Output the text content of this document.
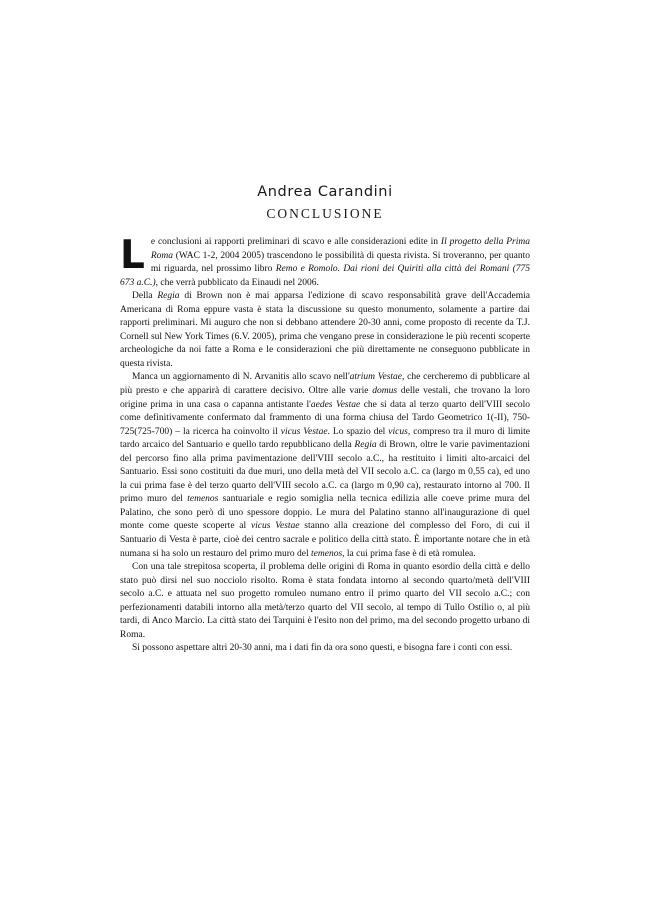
Andrea Carandini
CONCLUSIONE

Le conclusioni ai rapporti preliminari di scavo e alle considerazioni edite in Il progetto della Prima Roma (WAC 1-2, 2004 2005) trascendono le possibilità di questa rivista. Si troveranno, per quanto mi riguarda, nel prossimo libro Remo e Romolo. Dai rioni dei Quiriti alla città dei Romani (775 673 a.C.), che verrà pubblicato da Einaudi nel 2006.

Della Regia di Brown non è mai apparsa l'edizione di scavo responsabilità grave dell'Accademia Americana di Roma eppure vasta è stata la discussione su questo monumento, solamente a partire dai rapporti preliminari. Mi auguro che non si debbano attendere 20-30 anni, come proposto di recente da T.J. Cornell sul New York Times (6.V. 2005), prima che vengano prese in considerazione le più recenti scoperte archeologiche da noi fatte a Roma e le considerazioni che più direttamente ne conseguono pubblicate in questa rivista.

Manca un aggiornamento di N. Arvanitis allo scavo nell'atrium Vestae, che cercheremo di pubblicare al più presto e che apparirà di carattere decisivo. Oltre alle varie domus delle vestali, che trovano la loro origine prima in una casa o capanna antistante l'aedes Vestae che si data al terzo quarto dell'VIII secolo come definitivamente confermato dal frammento di una forma chiusa del Tardo Geometrico 1(-II), 750-725(725-700) – la ricerca ha coinvolto il vicus Vestae. Lo spazio del vicus, compreso tra il muro di limite tardo arcaico del Santuario e quello tardo repubblicano della Regia di Brown, oltre le varie pavimentazioni del percorso fino alla prima pavimentazione dell'VIII secolo a.C., ha restituito i limiti alto-arcaici del Santuario. Essi sono costituiti da due muri, uno della metà del VII secolo a.C. ca (largo m 0,55 ca), ed uno la cui prima fase è del terzo quarto dell'VIII secolo a.C. ca (largo m 0,90 ca), restaurato intorno al 700. Il primo muro del temenos santuariale e regio somiglia nella tecnica edilizia alle coeve prime mura del Palatino, che sono però di uno spessore doppio. Le mura del Palatino stanno all'inaugurazione di quel monte come queste scoperte al vicus Vestae stanno alla creazione del complesso del Foro, di cui il Santuario di Vesta è parte, cioè dei centro sacrale e politico della città stato. È importante notare che in età numana si ha solo un restauro del primo muro del temenos, la cui prima fase è di età romulea.

Con una tale strepitosa scoperta, il problema delle origini di Roma in quanto esordio della città e dello stato può dirsi nel suo nocciolo risolto. Roma è stata fondata intorno al secondo quarto/metà dell'VIII secolo a.C. e attuata nel suo progetto romuleo numano entro il primo quarto del VII secolo a.C.; con perfezionamenti databili intorno alla metà/terzo quarto del VII secolo, al tempo di Tullo Ostilio o, al più tardi, di Anco Marcio. La città stato dei Tarquini è l'esito non del primo, ma del secondo progetto urbano di Roma.

Si possono aspettare altri 20-30 anni, ma i dati fin da ora sono questi, e bisogna fare i conti con essi.
